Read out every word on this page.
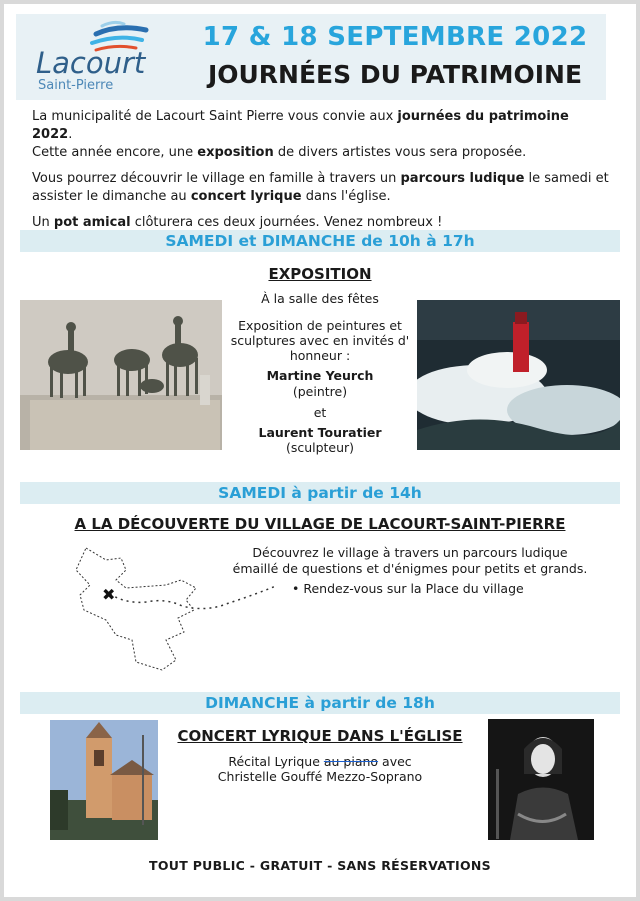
Lacourt
Saint-Pierre
17 & 18 SEPTEMBRE 2022
JOURNÉES DU PATRIMOINE

La municipalité de Lacourt Saint Pierre vous convie aux journées du patrimoine 2022.
Cette année encore, une exposition de divers artistes vous sera proposée.

Vous pourrez découvrir le village en famille à travers un parcours ludique le samedi et assister le dimanche au concert lyrique dans l'église.

Un pot amical clôturera ces deux journées. Venez nombreux !

SAMEDI et DIMANCHE de 10h à 17h
EXPOSITION
À la salle des fêtes
Exposition de peintures et sculptures avec en invités d' honneur :
Martine Yeurch
(peintre)
et
Laurent Touratier
(sculpteur)
SAMEDI à partir de 14h
A LA DÉCOUVERTE DU VILLAGE DE LACOURT-SAINT-PIERRE
Découvrez le village à travers un parcours ludique
émaillé de questions et d'énigmes pour petits et grands.
• Rendez-vous sur la Place du village
✖
DIMANCHE à partir de 18h
CONCERT LYRIQUE DANS L'ÉGLISE
Récital Lyrique au piano avec
Christelle Gouffé Mezzo-Soprano
TOUT PUBLIC - GRATUIT - SANS RÉSERVATIONS
